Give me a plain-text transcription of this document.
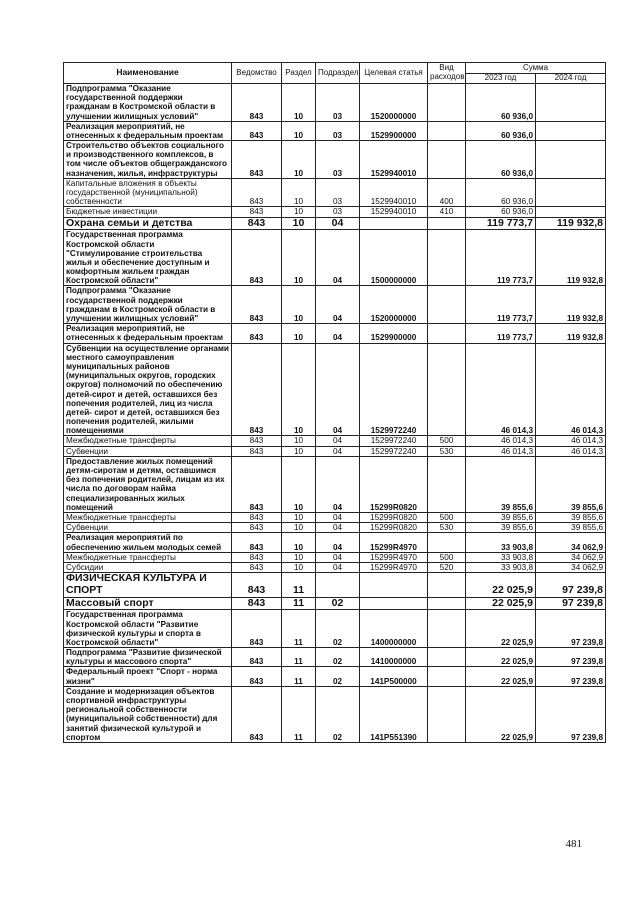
Наименование	Ведомство	Раздел	Подраздел	Целевая статья	Вид расходов	Сумма	
						2023 год	2024 год
Подпрограмма "Оказание государственной поддержки гражданам в Костромской области в улучшении жилищных условий"	843	10	03	1520000000		60 936,0	
Реализация мероприятий, не отнесенных к федеральным проектам	843	10	03	1529900000		60 936,0	
Строительство объектов социального и производственного комплексов, в том числе объектов общегражданского назначения, жилья, инфраструктуры	843	10	03	1529940010		60 936,0	
Капитальные вложения в объекты государственной (муниципальной) собственности	843	10	03	1529940010	400	60 936,0	
Бюджетные инвестиции	843	10	03	1529940010	410	60 936,0	
Охрана семьи и детства	843	10	04			119 773,7	119 932,8
Государственная программа Костромской области "Стимулирование строительства жилья и обеспечение доступным и комфортным жильем граждан Костромской области"	843	10	04	1500000000		119 773,7	119 932,8
Подпрограмма "Оказание государственной поддержки гражданам в Костромской области в улучшении жилищных условий"	843	10	04	1520000000		119 773,7	119 932,8
Реализация мероприятий, не отнесенных к федеральным проектам	843	10	04	1529900000		119 773,7	119 932,8
Субвенции на осуществление органами местного самоуправления муниципальных районов (муниципальных округов, городских округов) полномочий по обеспечению детей-сирот и детей, оставшихся без попечения родителей, лиц из числа детей- сирот и детей, оставшихся без попечения родителей, жилыми помещениями	843	10	04	1529972240		46 014,3	46 014,3
Межбюджетные трансферты	843	10	04	1529972240	500	46 014,3	46 014,3
Субвенции	843	10	04	1529972240	530	46 014,3	46 014,3
Предоставление жилых помещений детям-сиротам и детям, оставшимся без попечения родителей, лицам из их числа по договорам найма специализированных жилых помещений	843	10	04	15299R0820		39 855,6	39 855,6
Межбюджетные трансферты	843	10	04	15299R0820	500	39 855,6	39 855,6
Субвенции	843	10	04	15299R0820	530	39 855,6	39 855,6
Реализация мероприятий по обеспечению жильем молодых семей	843	10	04	15299R4970		33 903,8	34 062,9
Межбюджетные трансферты	843	10	04	15299R4970	500	33 903,8	34 062,9
Субсидии	843	10	04	15299R4970	520	33 903,8	34 062,9
ФИЗИЧЕСКАЯ КУЛЬТУРА И СПОРТ	843	11				22 025,9	97 239,8
Массовый спорт	843	11	02			22 025,9	97 239,8
Государственная программа Костромской области "Развитие физической культуры и спорта в Костромской области"	843	11	02	1400000000		22 025,9	97 239,8
Подпрограмма "Развитие физической культуры и массового спорта"	843	11	02	1410000000		22 025,9	97 239,8
Федеральный проект "Спорт - норма жизни"	843	11	02	141P500000		22 025,9	97 239,8
Создание и модернизация объектов спортивной инфраструктуры региональной собственности (муниципальной собственности) для занятий физической культурой и спортом	843	11	02	141P551390		22 025,9	97 239,8
481
